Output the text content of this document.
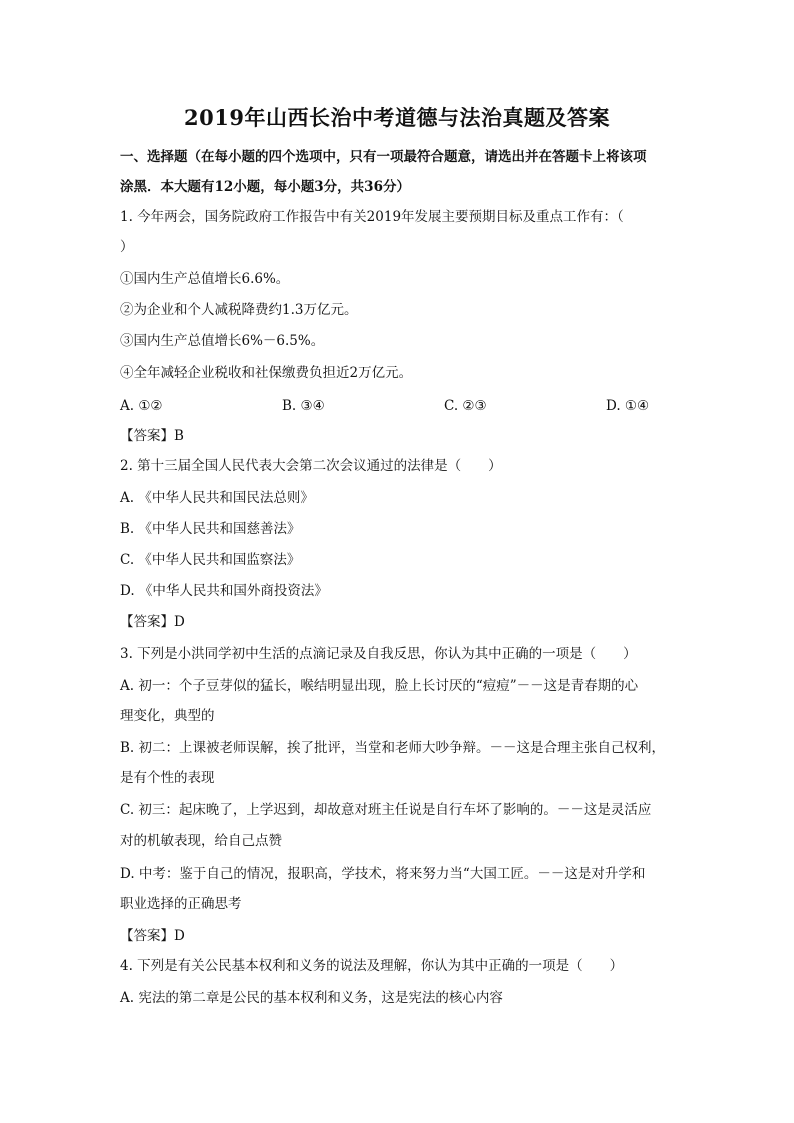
2019年山西长治中考道德与法治真题及答案
一、选择题（在每小题的四个选项中，只有一项最符合题意，请选出并在答题卡上将该项
涂黑．本大题有12小题，每小题3分，共36分）
1. 今年两会，国务院政府工作报告中有关2019年发展主要预期目标及重点工作有：（
）
①国内生产总值增长6.6%。
②为企业和个人减税降费约1.3万亿元。
③国内生产总值增长6%－6.5%。
④全年减轻企业税收和社保缴费负担近2万亿元。
A. ①②	B. ③④	C. ②③	D. ①④
【答案】B
2. 第十三届全国人民代表大会第二次会议通过的法律是（　　）
A. 《中华人民共和国民法总则》
B. 《中华人民共和国慈善法》
C. 《中华人民共和国监察法》
D. 《中华人民共和国外商投资法》
【答案】D
3. 下列是小洪同学初中生活的点滴记录及自我反思，你认为其中正确的一项是（　　）
A. 初一：个子豆芽似的猛长，喉结明显出现，脸上长讨厌的“痘痘”－－这是青春期的心
理变化，典型的
B. 初二：上课被老师误解，挨了批评，当堂和老师大吵争辩。－－这是合理主张自己权利，
是有个性的表现
C. 初三：起床晚了，上学迟到，却故意对班主任说是自行车坏了影响的。－－这是灵活应
对的机敏表现，给自己点赞
D. 中考：鉴于自己的情况，报职高，学技术，将来努力当“大国工匠。－－这是对升学和
职业选择的正确思考
【答案】D
4. 下列是有关公民基本权利和义务的说法及理解，你认为其中正确的一项是（　　）
A. 宪法的第二章是公民的基本权利和义务，这是宪法的核心内容
